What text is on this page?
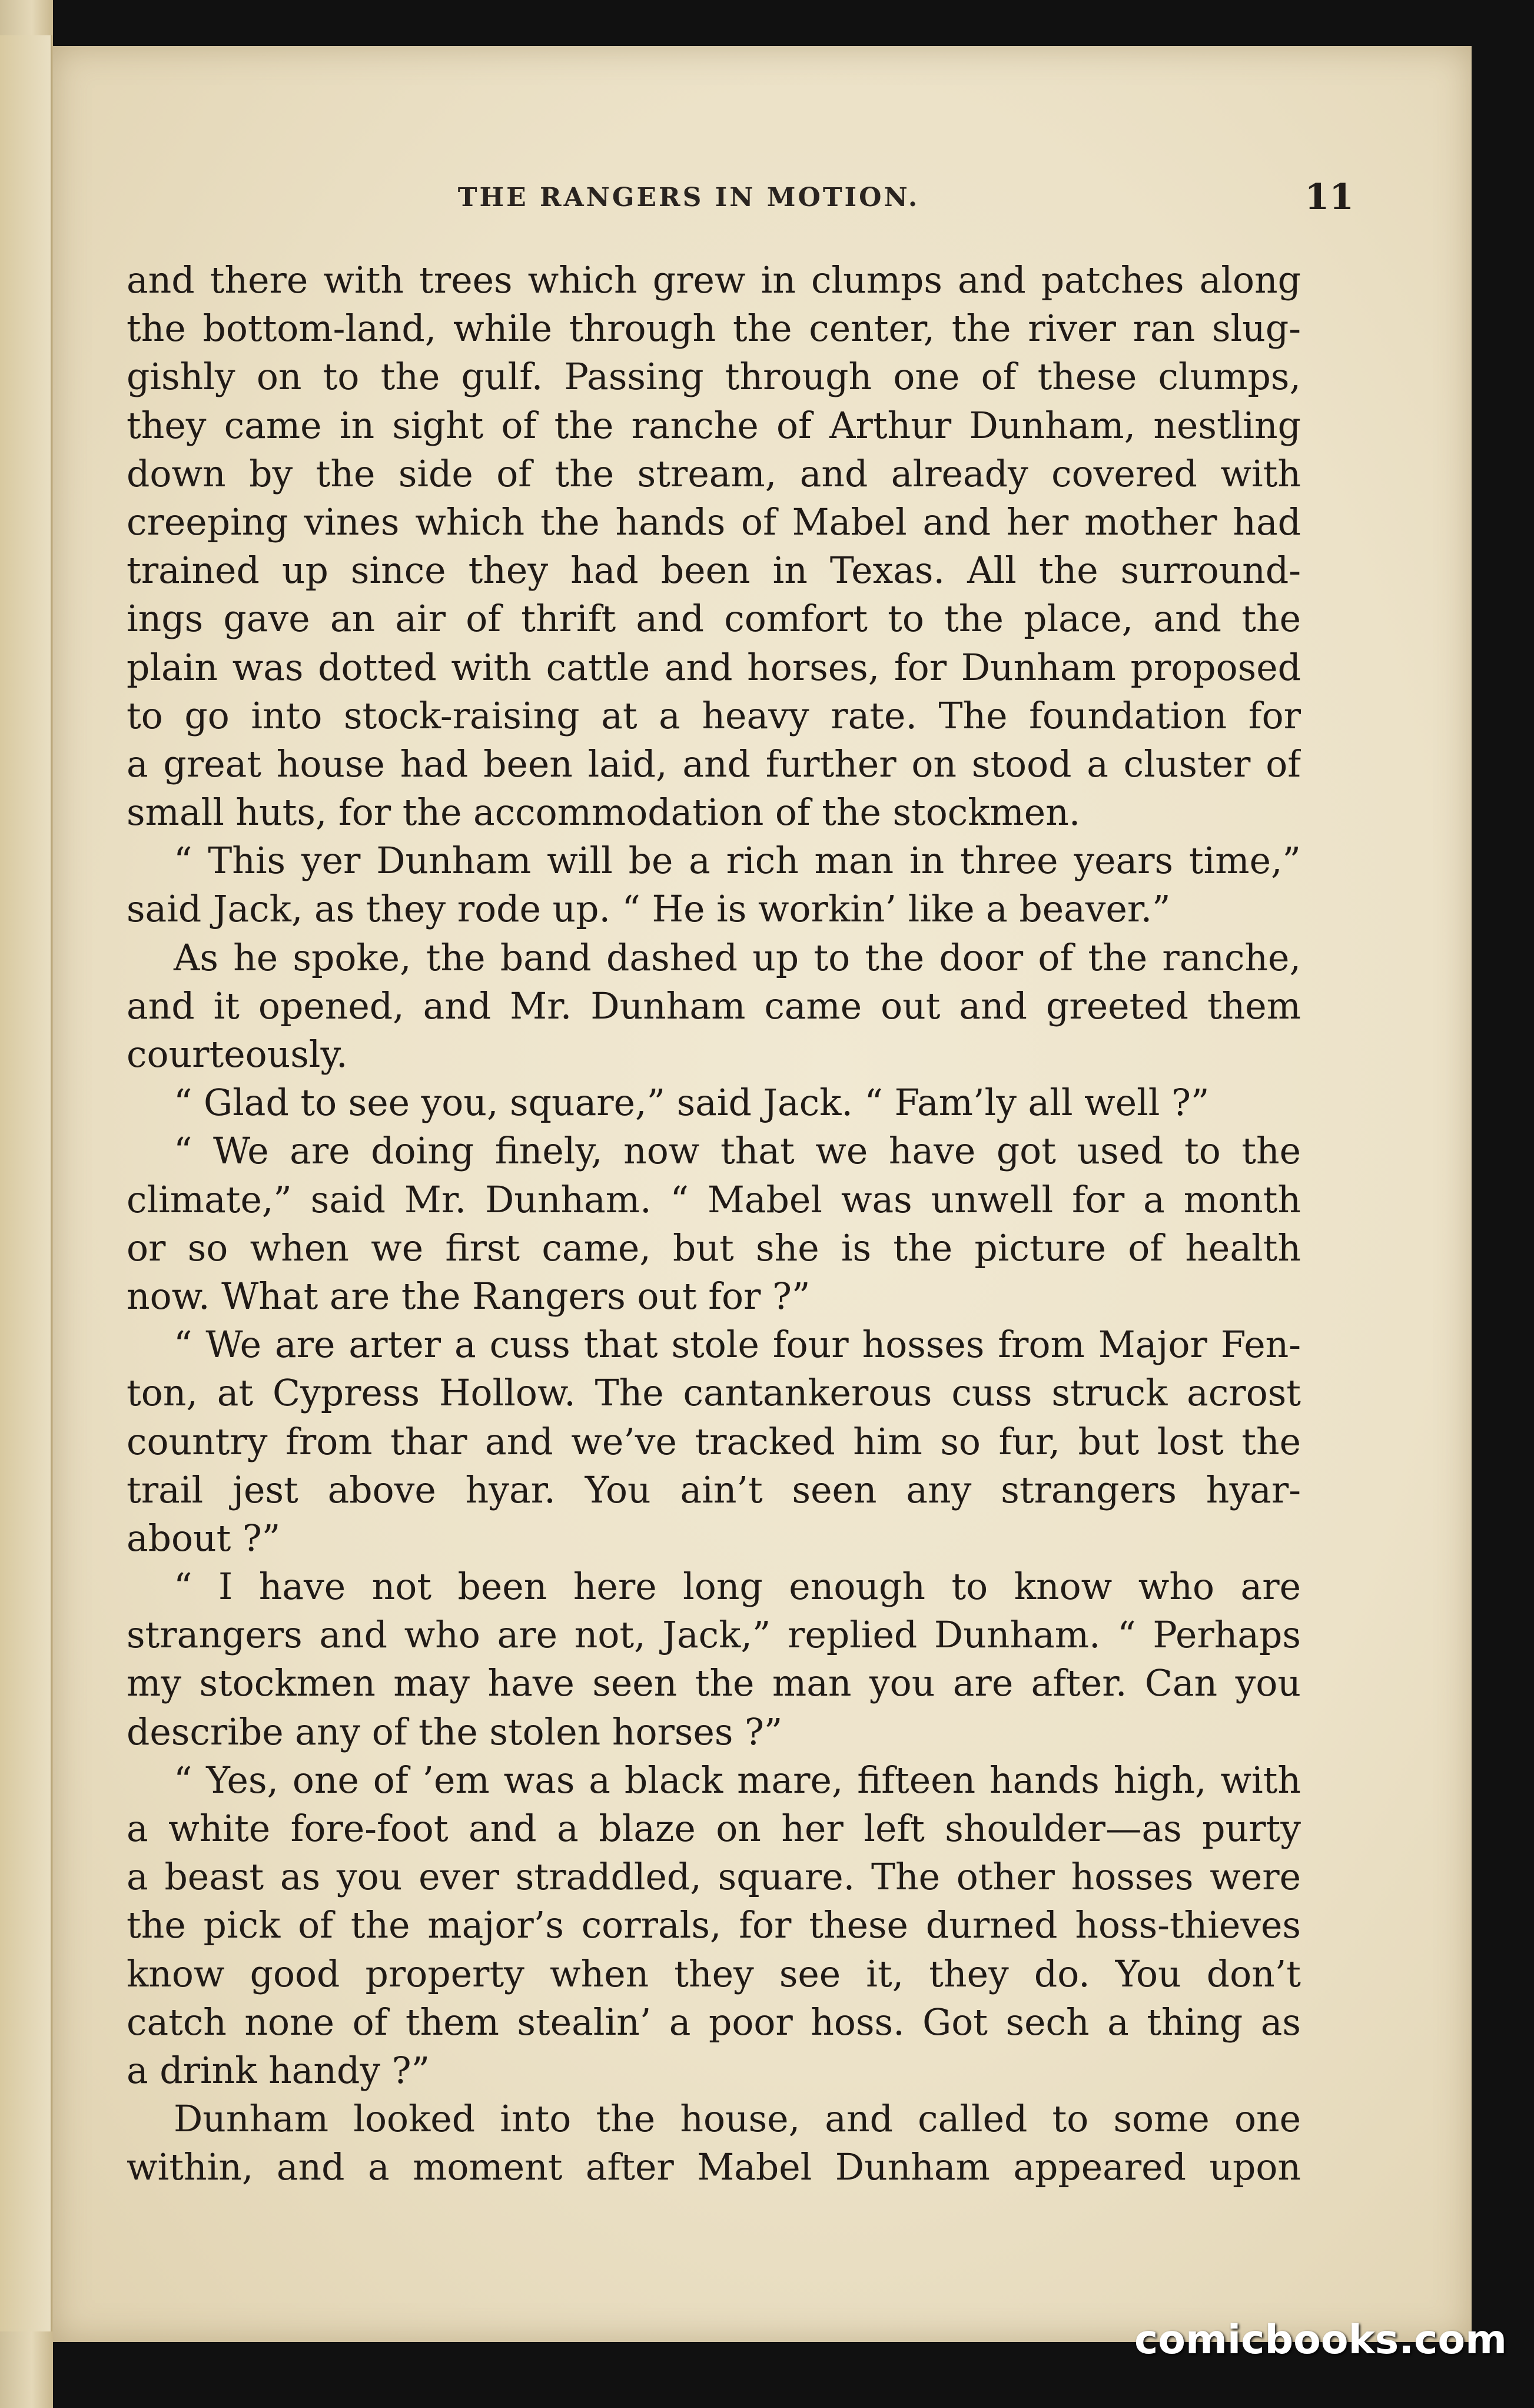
THE RANGERS IN MOTION.	11
and there with trees which grew in clumps and patches along
the bottom-land, while through the center, the river ran slug-
gishly on to the gulf. Passing through one of these clumps,
they came in sight of the ranche of Arthur Dunham, nestling
down by the side of the stream, and already covered with
creeping vines which the hands of Mabel and her mother had
trained up since they had been in Texas. All the surround-
ings gave an air of thrift and comfort to the place, and the
plain was dotted with cattle and horses, for Dunham proposed
to go into stock-raising at a heavy rate. The foundation for
a great house had been laid, and further on stood a cluster of
small huts, for the accommodation of the stockmen.
“ This yer Dunham will be a rich man in three years time,”
said Jack, as they rode up. “ He is workin’ like a beaver.”
As he spoke, the band dashed up to the door of the ranche,
and it opened, and Mr. Dunham came out and greeted them
courteously.
“ Glad to see you, square,” said Jack. “ Fam’ly all well ?”
“ We are doing finely, now that we have got used to the
climate,” said Mr. Dunham. “ Mabel was unwell for a month
or so when we first came, but she is the picture of health
now. What are the Rangers out for ?”
“ We are arter a cuss that stole four hosses from Major Fen-
ton, at Cypress Hollow. The cantankerous cuss struck acrost
country from thar and we’ve tracked him so fur, but lost the
trail jest above hyar. You ain’t seen any strangers hyar-
about ?”
“ I have not been here long enough to know who are
strangers and who are not, Jack,” replied Dunham. “ Perhaps
my stockmen may have seen the man you are after. Can you
describe any of the stolen horses ?”
“ Yes, one of ’em was a black mare, fifteen hands high, with
a white fore-foot and a blaze on her left shoulder—as purty
a beast as you ever straddled, square. The other hosses were
the pick of the major’s corrals, for these durned hoss-thieves
know good property when they see it, they do. You don’t
catch none of them stealin’ a poor hoss. Got sech a thing as
a drink handy ?”
Dunham looked into the house, and called to some one
within, and a moment after Mabel Dunham appeared upon
comicbooks.com
